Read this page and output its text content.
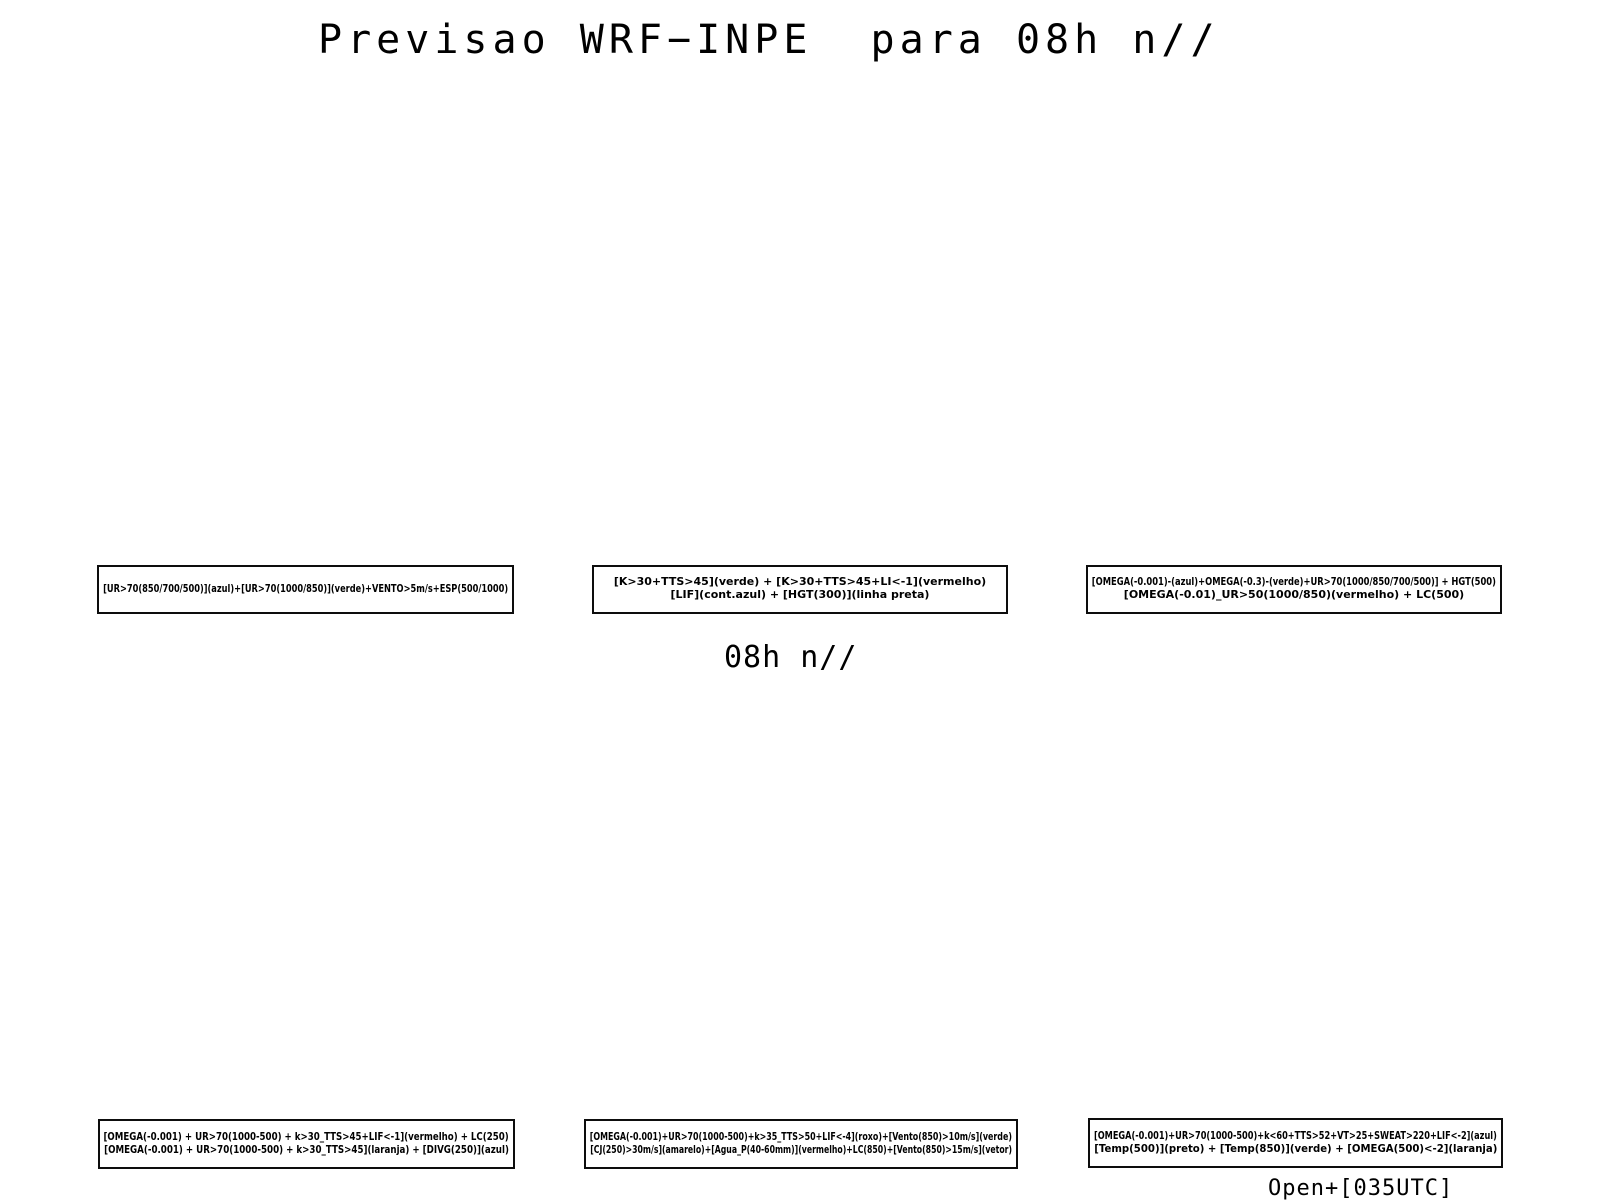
Previsao WRF−INPE  para 08h n//
[UR>70(850/700/500)](azul)+[UR>70(1000/850)](verde)+VENTO>5m/s+ESP(500/1000)	[K>30+TTS>45](verde) + [K>30+TTS>45+LI<-1](vermelho)
[LIF](cont.azul) + [HGT(300)](linha preta)
[OMEGA(-0.001)-(azul)+OMEGA(-0.3)-(verde)+UR>70(1000/850/700/500)] + HGT(500)
[OMEGA(-0.01)_UR>50(1000/850)(vermelho) + LC(500)
08h n//
[OMEGA(-0.001) + UR>70(1000-500) + k>30_TTS>45+LIF<-1](vermelho) + LC(250)
[OMEGA(-0.001) + UR>70(1000-500) + k>30_TTS>45](laranja) + [DIVG(250)](azul)
[OMEGA(-0.001)+UR>70(1000-500)+k>35_TTS>50+LIF<-4](roxo)+[Vento(850)>10m/s](verde)
[CJ(250)>30m/s](amarelo)+[Agua_P(40-60mm)](vermelho)+LC(850)+[Vento(850)>15m/s](vetor)
[OMEGA(-0.001)+UR>70(1000-500)+k<60+TTS>52+VT>25+SWEAT>220+LIF<-2](azul)
[Temp(500)](preto) + [Temp(850)](verde) + [OMEGA(500)<-2](laranja)
Open+[035UTC]
